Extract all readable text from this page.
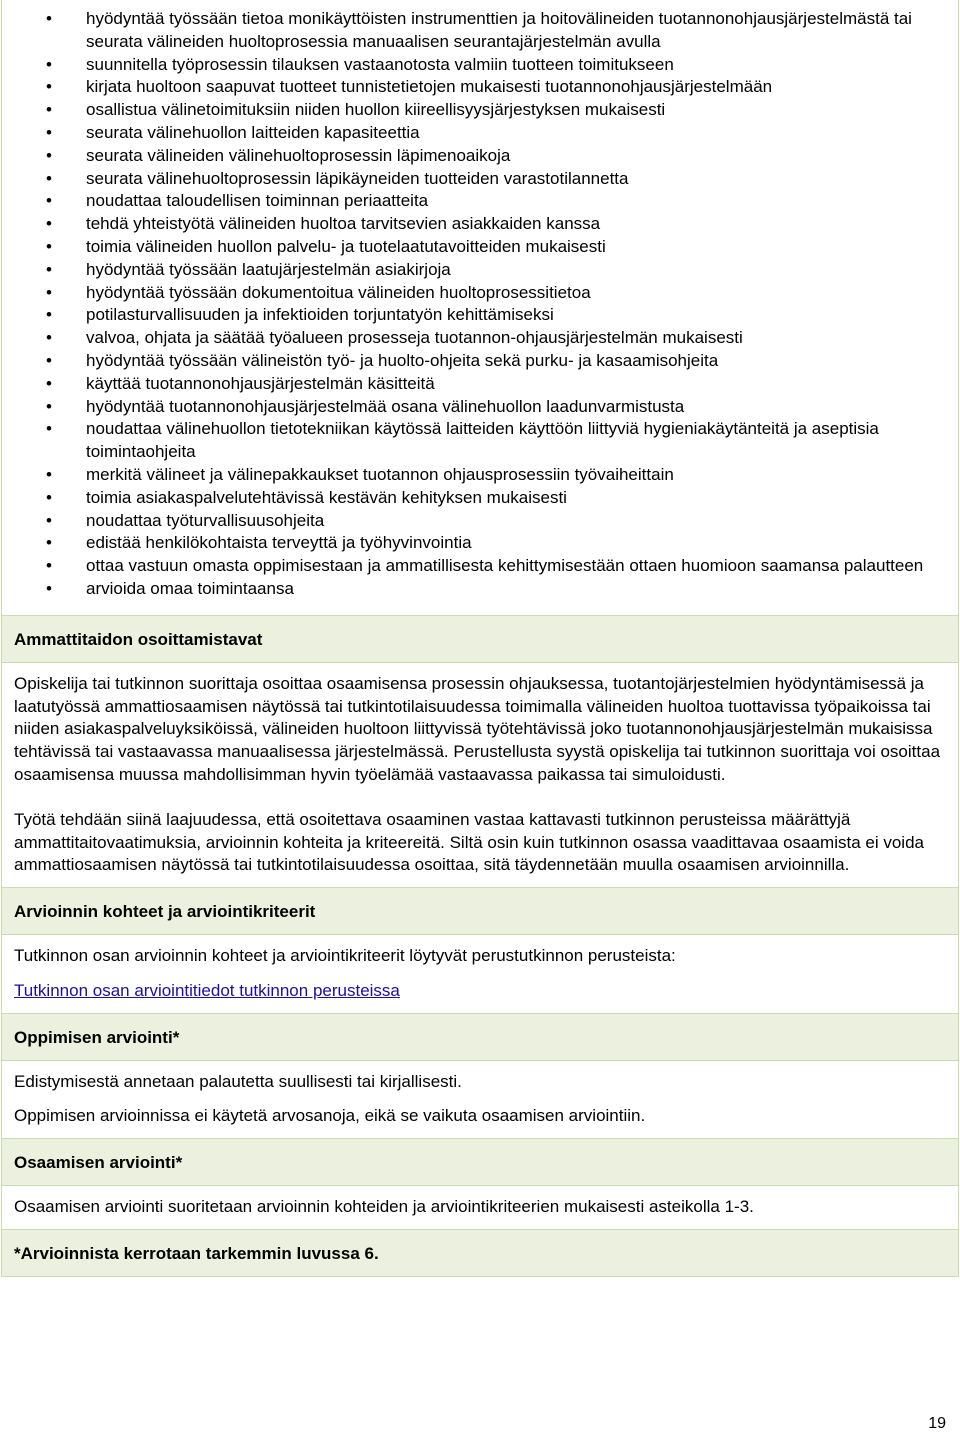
• hyödyntää työssään tietoa monikäyttöisten instrumenttien ja hoitovälineiden tuotannonohjausjärjestelmästä tai seurata välineiden huoltoprosessia manuaalisen seurantajärjestelmän avulla
• suunnitella työprosessin tilauksen vastaanotosta valmiin tuotteen toimitukseen
• kirjata huoltoon saapuvat tuotteet tunnistetietojen mukaisesti tuotannonohjausjärjestelmään
• osallistua välinetoimituksiin niiden huollon kiireellisyysjärjestyksen mukaisesti
• seurata välinehuollon laitteiden kapasiteettia
• seurata välineiden välinehuoltoprosessin läpimenoaikoja
• seurata välinehuoltoprosessin läpikäyneiden tuotteiden varastotilannetta
• noudattaa taloudellisen toiminnan periaatteita
• tehdä yhteistyötä välineiden huoltoa tarvitsevien asiakkaiden kanssa
• toimia välineiden huollon palvelu- ja tuotelaatutavoitteiden mukaisesti
• hyödyntää työssään laatujärjestelmän asiakirjoja
• hyödyntää työssään dokumentoitua välineiden huoltoprosessitietoa
• potilasturvallisuuden ja infektioiden torjuntatyön kehittämiseksi
• valvoa, ohjata ja säätää työalueen prosesseja tuotannon-ohjausjärjestelmän mukaisesti
• hyödyntää työssään välineistön työ- ja huolto-ohjeita sekä purku- ja kasaamisohjeita
• käyttää tuotannonohjausjärjestelmän käsitteitä
• hyödyntää tuotannonohjausjärjestelmää osana välinehuollon laadunvarmistusta
• noudattaa välinehuollon tietotekniikan käytössä laitteiden käyttöön liittyviä hygieniakäytänteitä ja aseptisia toimintaohjeita
• merkitä välineet ja välinepakkaukset tuotannon ohjausprosessiin työvaiheittain
• toimia asiakaspalvelutehtävissä kestävän kehityksen mukaisesti
• noudattaa työturvallisuusohjeita
• edistää henkilökohtaista terveyttä ja työhyvinvointia
• ottaa vastuun omasta oppimisestaan ja ammatillisesta kehittymisestään ottaen huomioon saamansa palautteen
• arvioida omaa toimintaansa
Ammattitaidon osoittamistavat

Opiskelija tai tutkinnon suorittaja osoittaa osaamisensa prosessin ohjauksessa, tuotantojärjestelmien hyödyntämisessä ja laatutyössä ammattiosaamisen näytössä tai tutkintotilaisuudessa toimimalla välineiden huoltoa tuottavissa työpaikoissa tai niiden asiakaspalveluyksiköissä, välineiden huoltoon liittyvissä työtehtävissä joko tuotannonohjausjärjestelmän mukaisissa tehtävissä tai vastaavassa manuaalisessa järjestelmässä. Perustellusta syystä opiskelija tai tutkinnon suorittaja voi osoittaa osaamisensa muussa mahdollisimman hyvin työelämää vastaavassa paikassa tai simuloidusti.

Työtä tehdään siinä laajuudessa, että osoitettava osaaminen vastaa kattavasti tutkinnon perusteissa määrättyjä ammattitaitovaatimuksia, arvioinnin kohteita ja kriteereitä. Siltä osin kuin tutkinnon osassa vaadittavaa osaamista ei voida ammattiosaamisen näytössä tai tutkintotilaisuudessa osoittaa, sitä täydennetään muulla osaamisen arvioinnilla.

Arvioinnin kohteet ja arviointikriteerit

Tutkinnon osan arvioinnin kohteet ja arviointikriteerit löytyvät perustutkinnon perusteista:

Tutkinnon osan arviointitiedot tutkinnon perusteissa

Oppimisen arviointi*

Edistymisestä annetaan palautetta suullisesti tai kirjallisesti.

Oppimisen arvioinnissa ei käytetä arvosanoja, eikä se vaikuta osaamisen arviointiin.

Osaamisen arviointi*

Osaamisen arviointi suoritetaan arvioinnin kohteiden ja arviointikriteerien mukaisesti asteikolla 1-3.

*Arvioinnista kerrotaan tarkemmin luvussa 6.
19
